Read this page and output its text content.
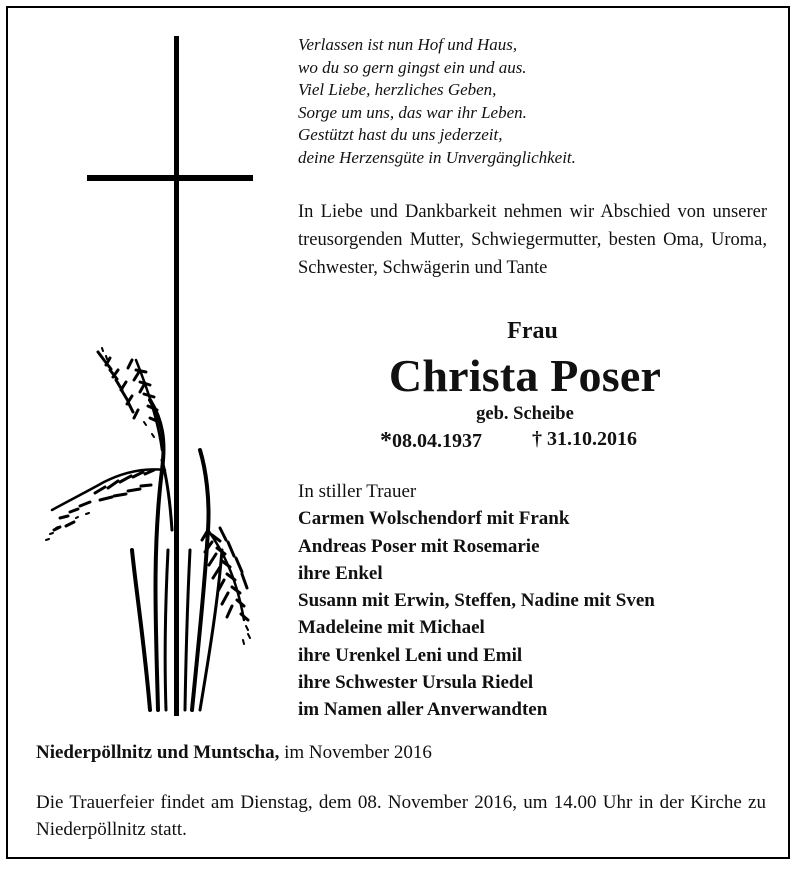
Verlassen ist nun Hof und Haus,
wo du so gern gingst ein und aus.
Viel Liebe, herzliches Geben,
Sorge um uns, das war ihr Leben.
Gestützt hast du uns jederzeit,
deine Herzensgüte in Unvergänglichkeit.
In Liebe und Dankbarkeit nehmen wir Abschied von unserer treusorgenden Mutter, Schwiegermutter, besten Oma, Uroma, Schwester, Schwägerin und Tante
Frau
Christa Poser
geb. Scheibe
*08.04.1937	† 31.10.2016
In stiller Trauer
Carmen Wolschendorf mit Frank
Andreas Poser mit Rosemarie
ihre Enkel
Susann mit Erwin, Steffen, Nadine mit Sven
Madeleine mit Michael
ihre Urenkel Leni und Emil
ihre Schwester Ursula Riedel
im Namen aller Anverwandten
Niederpöllnitz und Muntscha, im November 2016
Die Trauerfeier findet am Dienstag, dem 08. November 2016, um 14.00 Uhr in der Kirche zu Niederpöllnitz statt.
